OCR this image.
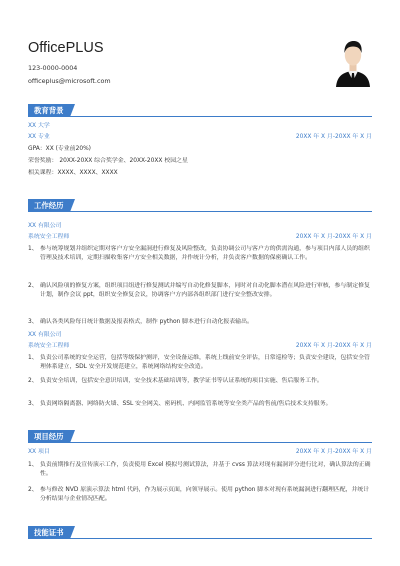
OfficePLUS
123-0000-0004
officeplus@microsoft.com
教育背景
XX 大学
XX 专业	20XX 年 X 月-20XX 年 X 月
GPA：XX (专业前20%)
荣誉奖励： 20XX-20XX 综合奖学金、20XX-20XX 校园之星
相关课程：XXXX、XXXX、XXXX
工作经历
XX 有限公司
系统安全工程师	20XX 年 X 月-20XX 年 X 月
1、 参与统筹规划并组织定期对客户方安全漏洞进行修复及风险整改，负责协调公司与客户方的供需沟通，参与项目内部人员的组织管理及技术培训，定期扫描收集客户方安全相关数据，并作统计分析，并负责客户数据的保密确认工作。
2、 确认风险项的修复方案，组织项目组进行修复测试并编写自动化修复脚本，同时对自动化脚本潜在风险进行审核，参与制定修复计划，制作会议 ppt，组织安全修复会议，协调客户方内部各组织部门进行安全整改安排。
3、 确认各类风险每日统计数据及报表格式，制作 python 脚本进行自动化报表输出。
XX 有限公司
系统安全工程师	20XX 年 X 月-20XX 年 X 月
1、 负责公司系统的安全运营，包括等级保护测评，安全设备运维，系统上线前安全评估，日常巡检等；负责安全建设，包括安全管理体系建立，SDL 安全开发规范建立，系统网络结构安全改造。
2、 负责安全培训，包括安全意识培训，安全技术基础培训等，教学证书等认证系统的项目实施、售后服务工作。
3、 负责网络隔离器、网络防火墙、SSL 安全网关、密码机、内网监管系统等安全类产品的售前/售后技术支持服务。
项目经历
XX 项目	20XX 年 X 月-20XX 年 X 月
1、 负责前期推行及宣传演示工作，负责使用 Excel 模拟号测试算法，并基于 cvss 算法对现有漏洞评分进行比对，确认算法的正确性。
2、 参与修改 NVD 原演示算法 html 代码，作为展示页面，向领导展示。使用 python 脚本对现有系统漏洞进行翻理匹配，并统计分析结果与企业情况匹配。
技能证书
